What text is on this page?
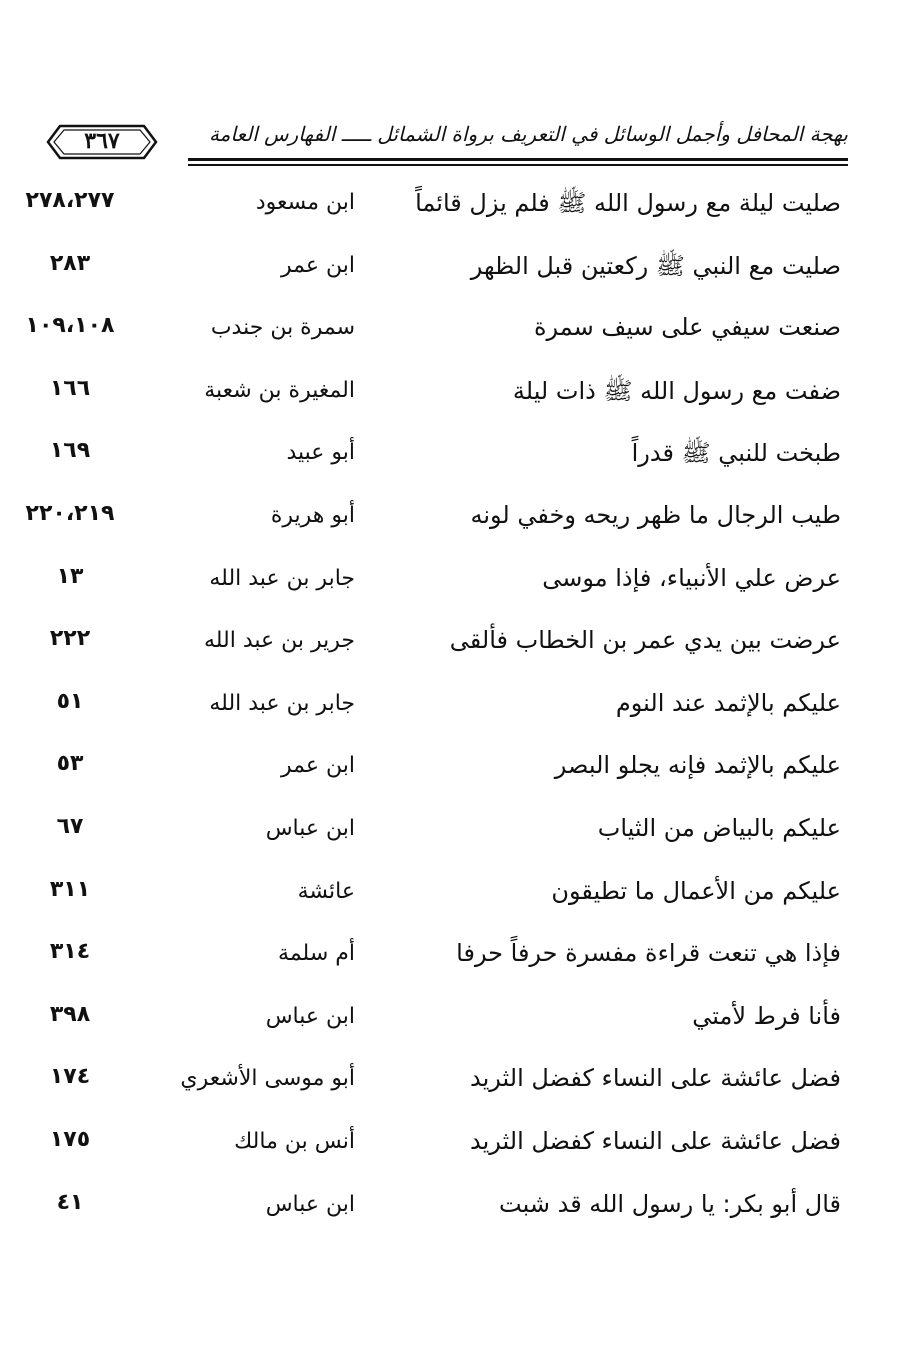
بهجة المحافل وأجمل الوسائل في التعريف برواة الشمائل ـــــ الفهارس العامة
٣٦٧
صليت ليلة مع رسول الله ﷺ فلم يزل قائماً
ابن مسعود
٢٧٨،٢٧٧
صليت مع النبي ﷺ ركعتين قبل الظهر
ابن عمر
٢٨٣
صنعت سيفي على سيف سمرة
سمرة بن جندب
١٠٩،١٠٨
ضفت مع رسول الله ﷺ ذات ليلة
المغيرة بن شعبة
١٦٦
طبخت للنبي ﷺ قدراً
أبو عبيد
١٦٩
طيب الرجال ما ظهر ريحه وخفي لونه
أبو هريرة
٢٢٠،٢١٩
عرض علي الأنبياء، فإذا موسى
جابر بن عبد الله
١٣
عرضت بين يدي عمر بن الخطاب فألقى
جرير بن عبد الله
٢٢٢
عليكم بالإثمد عند النوم
جابر بن عبد الله
٥١
عليكم بالإثمد فإنه يجلو البصر
ابن عمر
٥٣
عليكم بالبياض من الثياب
ابن عباس
٦٧
عليكم من الأعمال ما تطيقون
عائشة
٣١١
فإذا هي تنعت قراءة مفسرة حرفاً حرفا
أم سلمة
٣١٤
فأنا فرط لأمتي
ابن عباس
٣٩٨
فضل عائشة على النساء كفضل الثريد
أبو موسى الأشعري
١٧٤
فضل عائشة على النساء كفضل الثريد
أنس بن مالك
١٧٥
قال أبو بكر: يا رسول الله قد شبت
ابن عباس
٤١
